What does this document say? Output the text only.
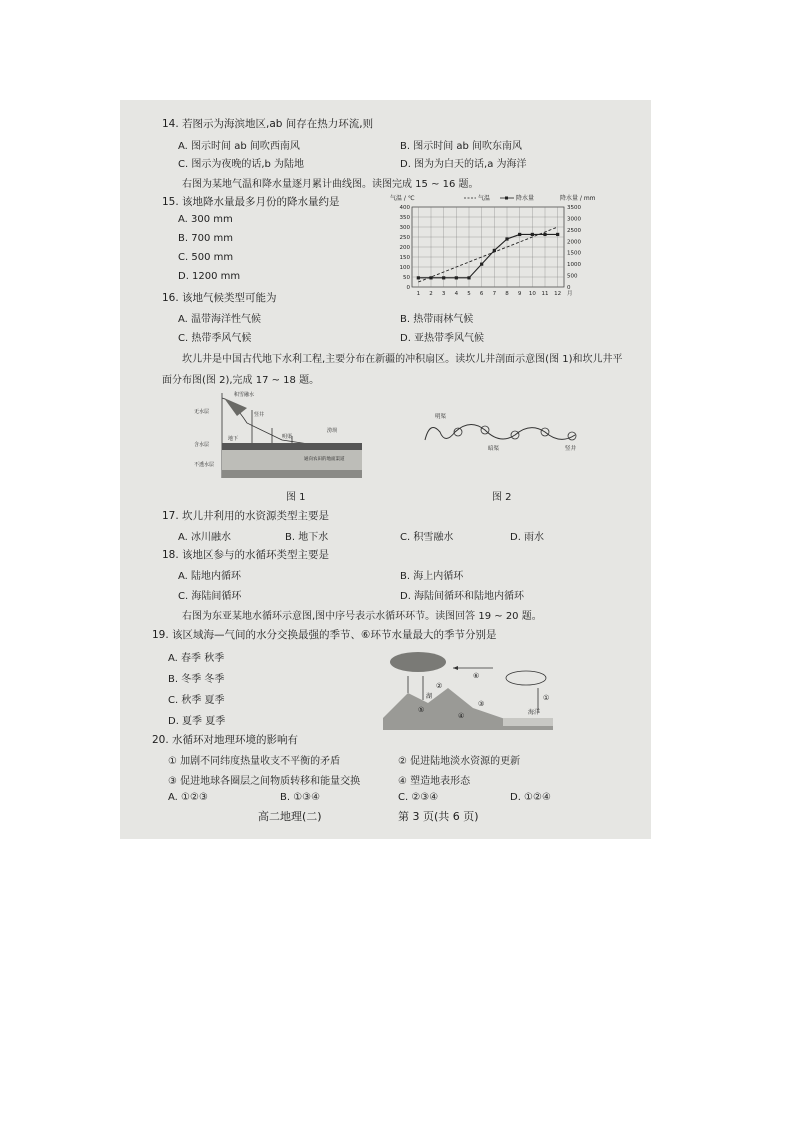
14. 若图示为海滨地区,ab 间存在热力环流,则
A. 图示时间 ab 间吹西南风	B. 图示时间 ab 间吹东南风
C. 图示为夜晚的话,b 为陆地	D. 图为为白天的话,a 为海洋
右图为某地气温和降水量逐月累计曲线图。读图完成 15 ~ 16 题。
15. 该地降水量最多月份的降水量约是
A. 300 mm
B. 700 mm
C. 500 mm
D. 1200 mm
0
50
100
150
200
250
300
350
400
0
500
1000
1500
2000
2500
3000
3500
1 2 3 4 5 6 7 8 9 10 11 12 月
气温 / ℃	降水量 / mm
气温	降水量
16. 该地气候类型可能为
A. 温带海洋性气候	B. 热带雨林气候
C. 热带季风气候	D. 亚热带季风气候
坎儿井是中国古代地下水利工程,主要分布在新疆的冲积扇区。读坎儿井剖面示意图(图 1)和坎儿井平面分布图(图 2),完成 17 ~ 18 题。
积雪融水
竖井
无水层
含水层
不透水层
地下	明渠
涝坝
通向农田的地面渠道
图 1
明渠
暗渠	竖井
图 2
17. 坎儿井利用的水资源类型主要是
A. 冰川融水	B. 地下水	C. 积雪融水	D. 雨水
18. 该地区参与的水循环类型主要是
A. 陆地内循环	B. 海上内循环
C. 海陆间循环	D. 海陆间循环和陆地内循环
右图为东亚某地水循环示意图,图中序号表示水循环环节。读图回答 19 ~ 20 题。
19. 该区域海—气间的水分交换最强的季节、⑥环节水量最大的季节分别是
A. 春季 秋季
B. 冬季 冬季
C. 秋季 夏季
D. 夏季 夏季
⑥
湖
海洋
①
②
③
④
⑤
20. 水循环对地理环境的影响有
① 加剧不同纬度热量收支不平衡的矛盾	② 促进陆地淡水资源的更新
③ 促进地球各圈层之间物质转移和能量交换	④ 塑造地表形态
A. ①②③	B. ①③④	C. ②③④	D. ①②④
高二地理(二)	第 3 页(共 6 页)
